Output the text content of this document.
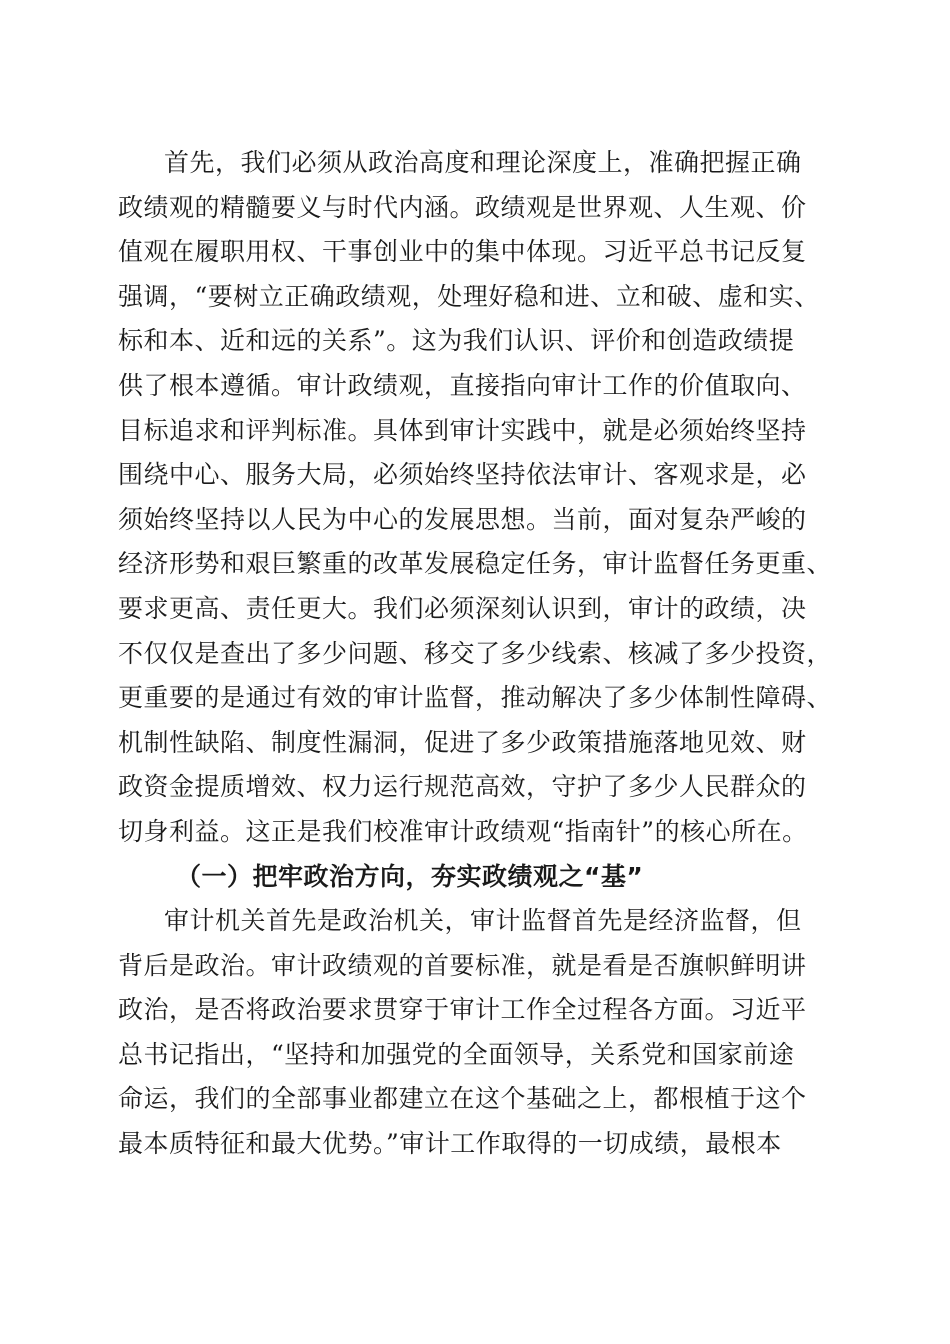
首先，我们必须从政治高度和理论深度上，准确把握正确
政绩观的精髓要义与时代内涵。政绩观是世界观、人生观、价
值观在履职用权、干事创业中的集中体现。习近平总书记反复
强调，“要树立正确政绩观，处理好稳和进、立和破、虚和实、
标和本、近和远的关系”。这为我们认识、评价和创造政绩提
供了根本遵循。审计政绩观，直接指向审计工作的价值取向、
目标追求和评判标准。具体到审计实践中，就是必须始终坚持
围绕中心、服务大局，必须始终坚持依法审计、客观求是，必
须始终坚持以人民为中心的发展思想。当前，面对复杂严峻的
经济形势和艰巨繁重的改革发展稳定任务，审计监督任务更重、
要求更高、责任更大。我们必须深刻认识到，审计的政绩，决
不仅仅是查出了多少问题、移交了多少线索、核减了多少投资，
更重要的是通过有效的审计监督，推动解决了多少体制性障碍、
机制性缺陷、制度性漏洞，促进了多少政策措施落地见效、财
政资金提质增效、权力运行规范高效，守护了多少人民群众的
切身利益。这正是我们校准审计政绩观“指南针”的核心所在。
（一）把牢政治方向，夯实政绩观之“基”
审计机关首先是政治机关，审计监督首先是经济监督，但
背后是政治。审计政绩观的首要标准，就是看是否旗帜鲜明讲
政治，是否将政治要求贯穿于审计工作全过程各方面。习近平
总书记指出，“坚持和加强党的全面领导，关系党和国家前途
命运，我们的全部事业都建立在这个基础之上，都根植于这个
最本质特征和最大优势。”审计工作取得的一切成绩，最根本
